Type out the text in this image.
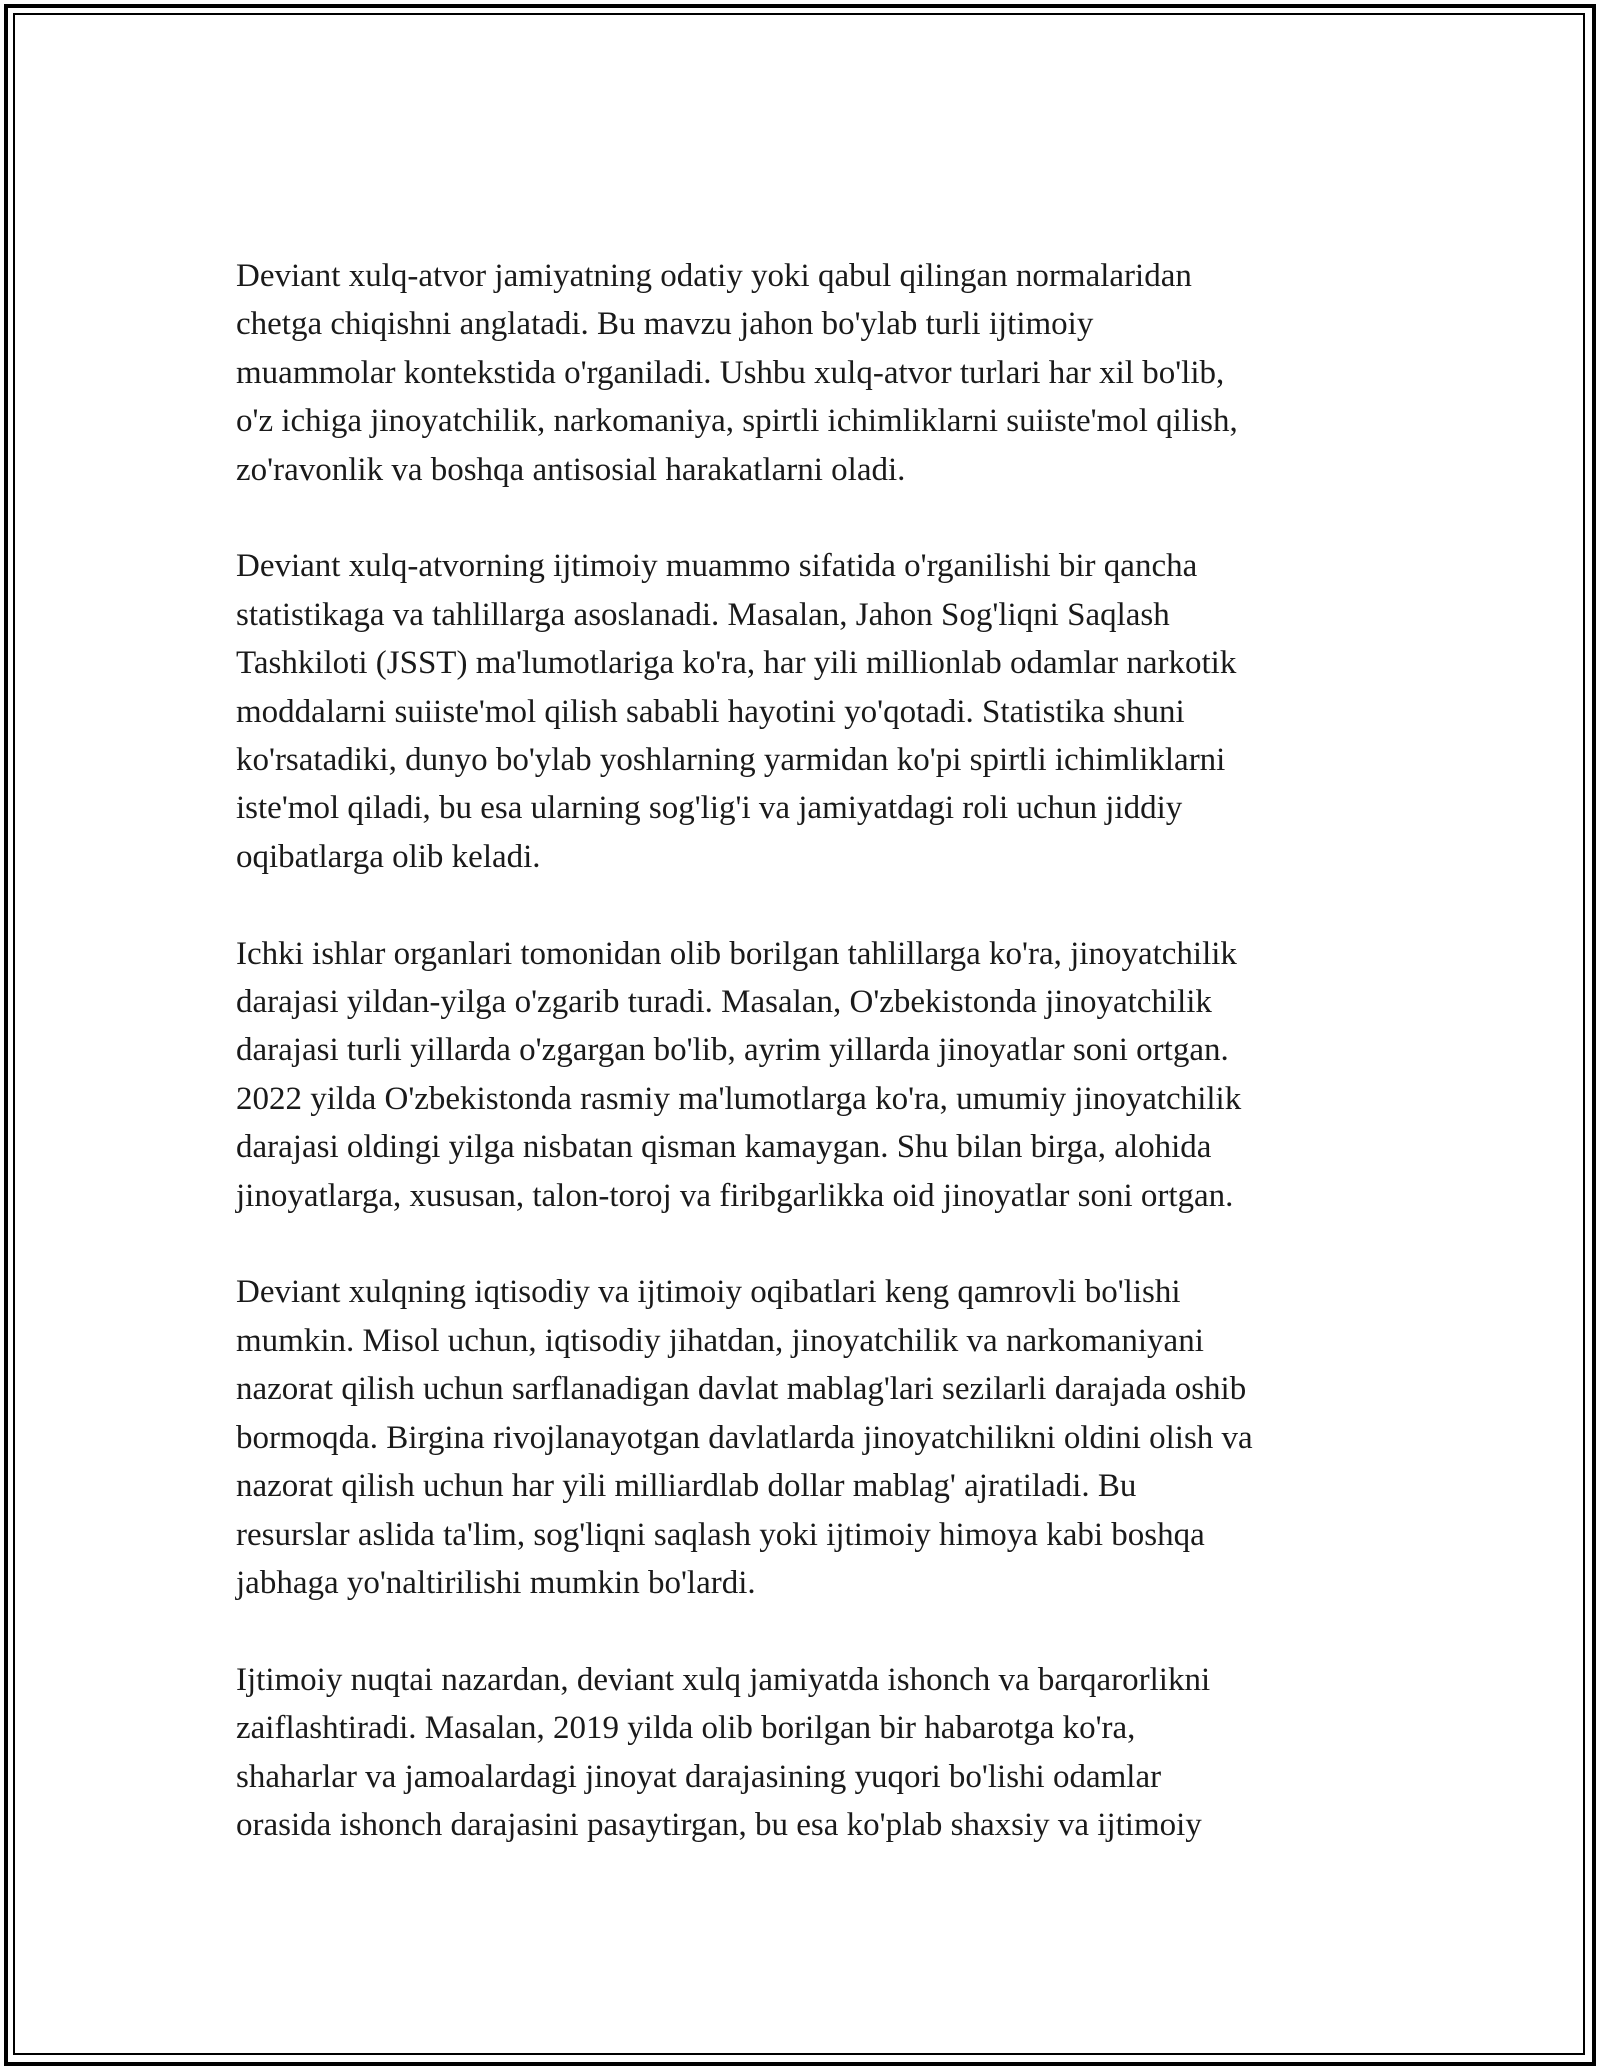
Deviant xulq-atvor jamiyatning odatiy yoki qabul qilingan normalaridan
chetga chiqishni anglatadi. Bu mavzu jahon bo'ylab turli ijtimoiy
muammolar kontekstida o'rganiladi. Ushbu xulq-atvor turlari har xil bo'lib,
o'z ichiga jinoyatchilik, narkomaniya, spirtli ichimliklarni suiiste'mol qilish,
zo'ravonlik va boshqa antisosial harakatlarni oladi.

Deviant xulq-atvorning ijtimoiy muammo sifatida o'rganilishi bir qancha
statistikaga va tahlillarga asoslanadi. Masalan, Jahon Sog'liqni Saqlash
Tashkiloti (JSST) ma'lumotlariga ko'ra, har yili millionlab odamlar narkotik
moddalarni suiiste'mol qilish sababli hayotini yo'qotadi. Statistika shuni
ko'rsatadiki, dunyo bo'ylab yoshlarning yarmidan ko'pi spirtli ichimliklarni
iste'mol qiladi, bu esa ularning sog'lig'i va jamiyatdagi roli uchun jiddiy
oqibatlarga olib keladi.

Ichki ishlar organlari tomonidan olib borilgan tahlillarga ko'ra, jinoyatchilik
darajasi yildan-yilga o'zgarib turadi. Masalan, O'zbekistonda jinoyatchilik
darajasi turli yillarda o'zgargan bo'lib, ayrim yillarda jinoyatlar soni ortgan.
2022 yilda O'zbekistonda rasmiy ma'lumotlarga ko'ra, umumiy jinoyatchilik
darajasi oldingi yilga nisbatan qisman kamaygan. Shu bilan birga, alohida
jinoyatlarga, xususan, talon-toroj va firibgarlikka oid jinoyatlar soni ortgan.

Deviant xulqning iqtisodiy va ijtimoiy oqibatlari keng qamrovli bo'lishi
mumkin. Misol uchun, iqtisodiy jihatdan, jinoyatchilik va narkomaniyani
nazorat qilish uchun sarflanadigan davlat mablag'lari sezilarli darajada oshib
bormoqda. Birgina rivojlanayotgan davlatlarda jinoyatchilikni oldini olish va
nazorat qilish uchun har yili milliardlab dollar mablag' ajratiladi. Bu
resurslar aslida ta'lim, sog'liqni saqlash yoki ijtimoiy himoya kabi boshqa
jabhaga yo'naltirilishi mumkin bo'lardi.

Ijtimoiy nuqtai nazardan, deviant xulq jamiyatda ishonch va barqarorlikni
zaiflashtiradi. Masalan, 2019 yilda olib borilgan bir habarotga ko'ra,
shaharlar va jamoalardagi jinoyat darajasining yuqori bo'lishi odamlar
orasida ishonch darajasini pasaytirgan, bu esa ko'plab shaxsiy va ijtimoiy
